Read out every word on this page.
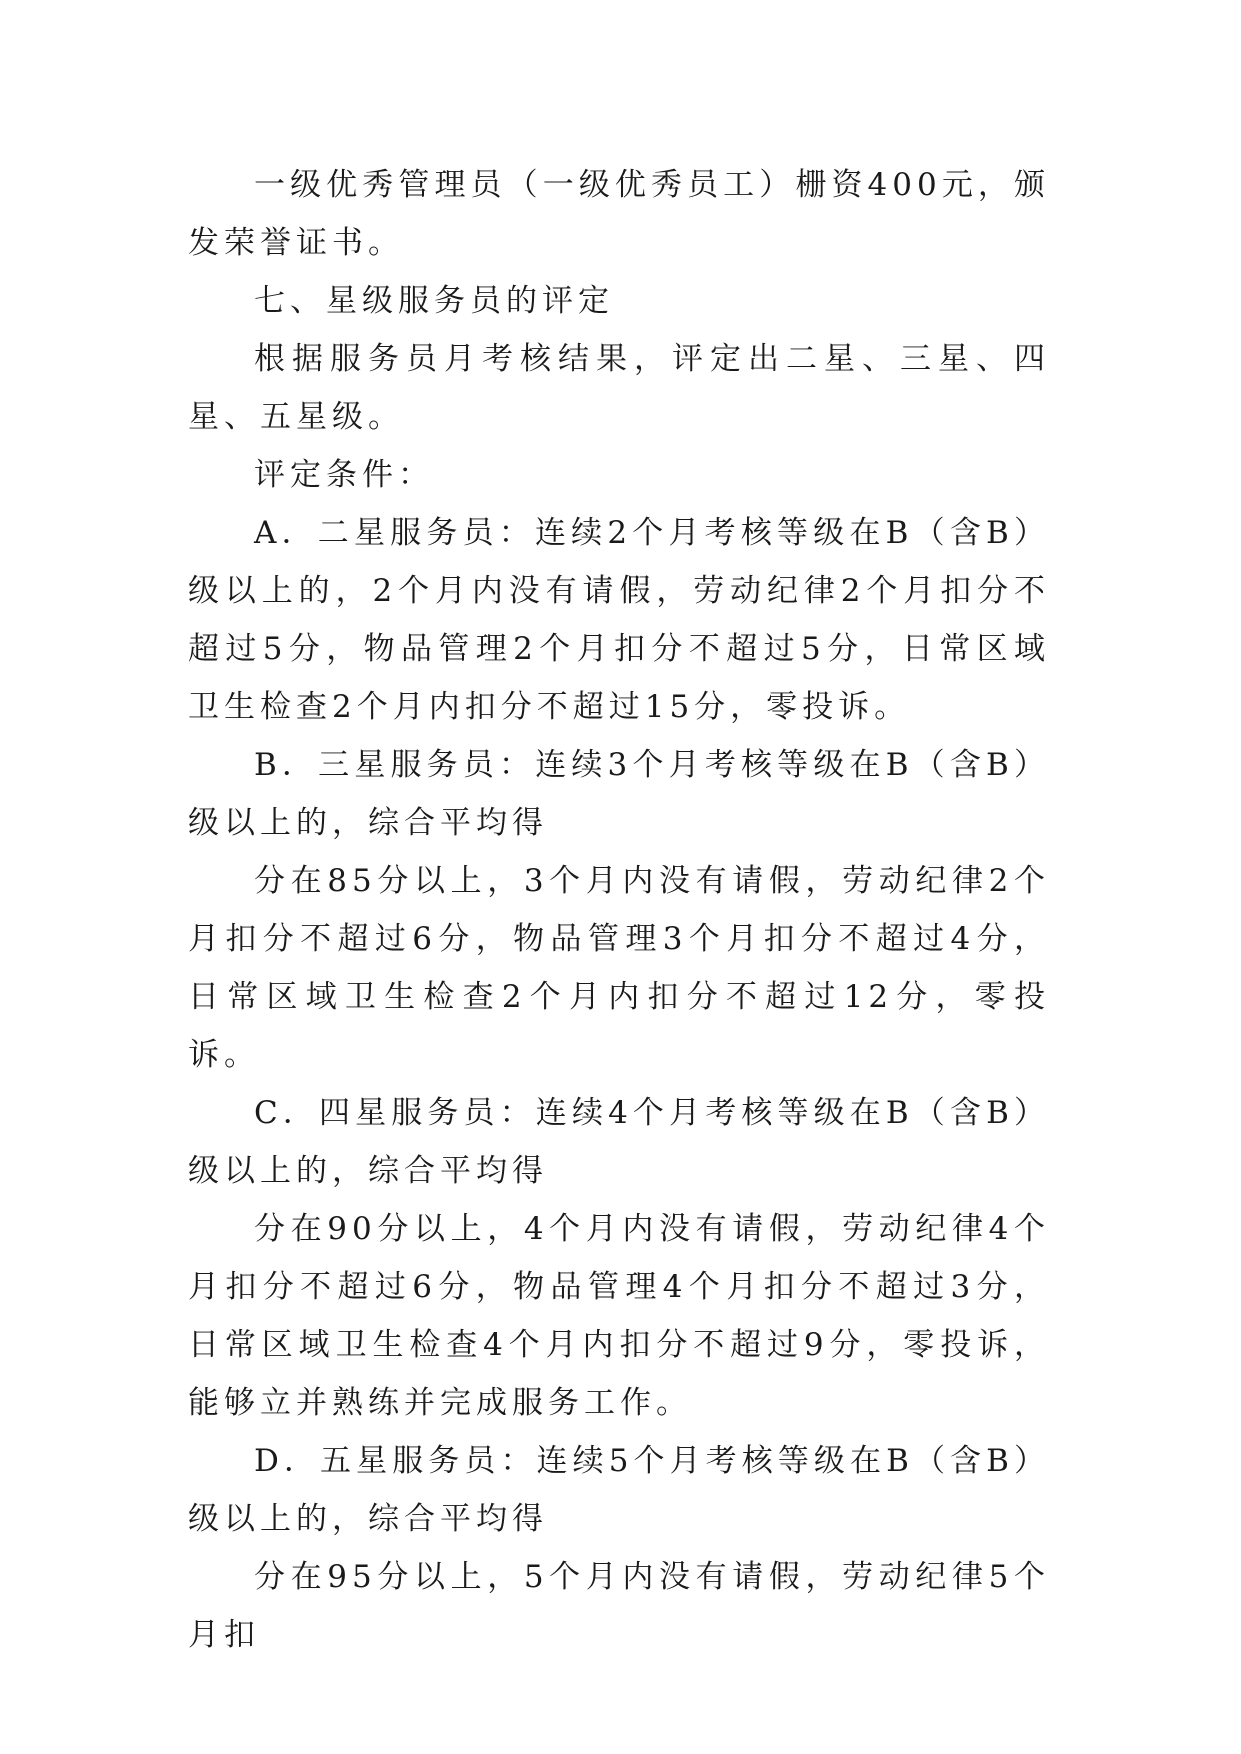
一级优秀管理员（一级优秀员工）栅资400元，颁发荣誉证书。

七、星级服务员的评定

根据服务员月考核结果，评定出二星、三星、四星、五星级。

评定条件：

A．二星服务员：连续2个月考核等级在B（含B）级以上的，2个月内没有请假，劳动纪律2个月扣分不超过5分，物品管理2个月扣分不超过5分，日常区域卫生检查2个月内扣分不超过15分，零投诉。

B．三星服务员：连续3个月考核等级在B（含B）级以上的，综合平均得

分在85分以上，3个月内没有请假，劳动纪律2个月扣分不超过6分，物品管理3个月扣分不超过4分，日常区域卫生检查2个月内扣分不超过12分，零投诉。

C．四星服务员：连续4个月考核等级在B（含B）级以上的，综合平均得

分在90分以上，4个月内没有请假，劳动纪律4个月扣分不超过6分，物品管理4个月扣分不超过3分，日常区域卫生检查4个月内扣分不超过9分，零投诉，能够立并熟练并完成服务工作。

D．五星服务员：连续5个月考核等级在B（含B）级以上的，综合平均得

分在95分以上，5个月内没有请假，劳动纪律5个月扣
